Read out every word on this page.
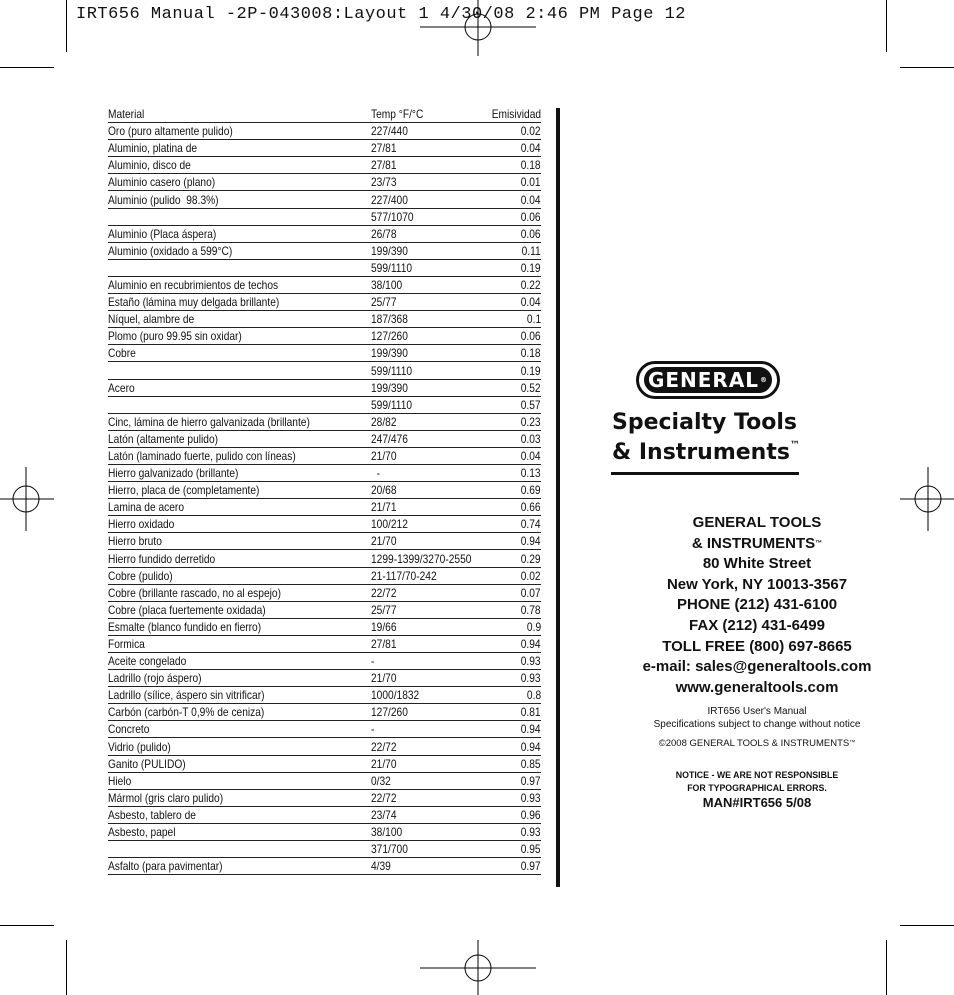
IRT656 Manual -2P-043008:Layout 1 4/30/08 2:46 PM Page 12
Material	Temp °F/°C	Emisividad
Oro (puro altamente pulido)	227/440	0.02
Aluminio, platina de	27/81	0.04
Aluminio, disco de	27/81	0.18
Aluminio casero (plano)	23/73	0.01
Aluminio (pulido  98.3%)	227/400	0.04
	577/1070	0.06
Aluminio (Placa áspera)	26/78	0.06
Aluminio (oxidado a 599°C)	199/390	0.11
	599/1110	0.19
Aluminio en recubrimientos de techos	38/100	0.22
Estaño (lámina muy delgada brillante)	25/77	0.04
Níquel, alambre de	187/368	0.1
Plomo (puro 99.95 sin oxidar)	127/260	0.06
Cobre	199/390	0.18
	599/1110	0.19
Acero	199/390	0.52
	599/1110	0.57
Cinc, lámina de hierro galvanizada (brillante)	28/82	0.23
Latón (altamente pulido)	247/476	0.03
Latón (laminado fuerte, pulido con líneas)	21/70	0.04
Hierro galvanizado (brillante)	-	0.13
Hierro, placa de (completamente)	20/68	0.69
Lamina de acero	21/71	0.66
Hierro oxidado	100/212	0.74
Hierro bruto	21/70	0.94
Hierro fundido derretido	1299-1399/3270-2550	0.29
Cobre (pulido)	21-117/70-242	0.02
Cobre (brillante rascado, no al espejo)	22/72	0.07
Cobre (placa fuertemente oxidada)	25/77	0.78
Esmalte (blanco fundido en fierro)	19/66	0.9
Formica	27/81	0.94
Aceite congelado	-	0.93
Ladrillo (rojo áspero)	21/70	0.93
Ladrillo (sílice, áspero sin vitrificar)	1000/1832	0.8
Carbón (carbón-T 0,9% de ceniza)	127/260	0.81
Concreto	-	0.94
Vidrio (pulido)	22/72	0.94
Ganito (PULIDO)	21/70	0.85
Hielo	0/32	0.97
Mármol (gris claro pulido)	22/72	0.93
Asbesto, tablero de	23/74	0.96
Asbesto, papel	38/100	0.93
	371/700	0.95
Asfalto (para pavimentar)	4/39	0.97
GENERAL ®
Specialty Tools
& Instruments™
GENERAL TOOLS
& INSTRUMENTS™
80 White Street
New York, NY 10013-3567
PHONE (212) 431-6100
FAX (212) 431-6499
TOLL FREE (800) 697-8665
e-mail: sales@generaltools.com
www.generaltools.com
IRT656 User's Manual
Specifications subject to change without notice
©2008 GENERAL TOOLS & INSTRUMENTS™
NOTICE - WE ARE NOT RESPONSIBLE
FOR TYPOGRAPHICAL ERRORS.
MAN#IRT656 5/08
